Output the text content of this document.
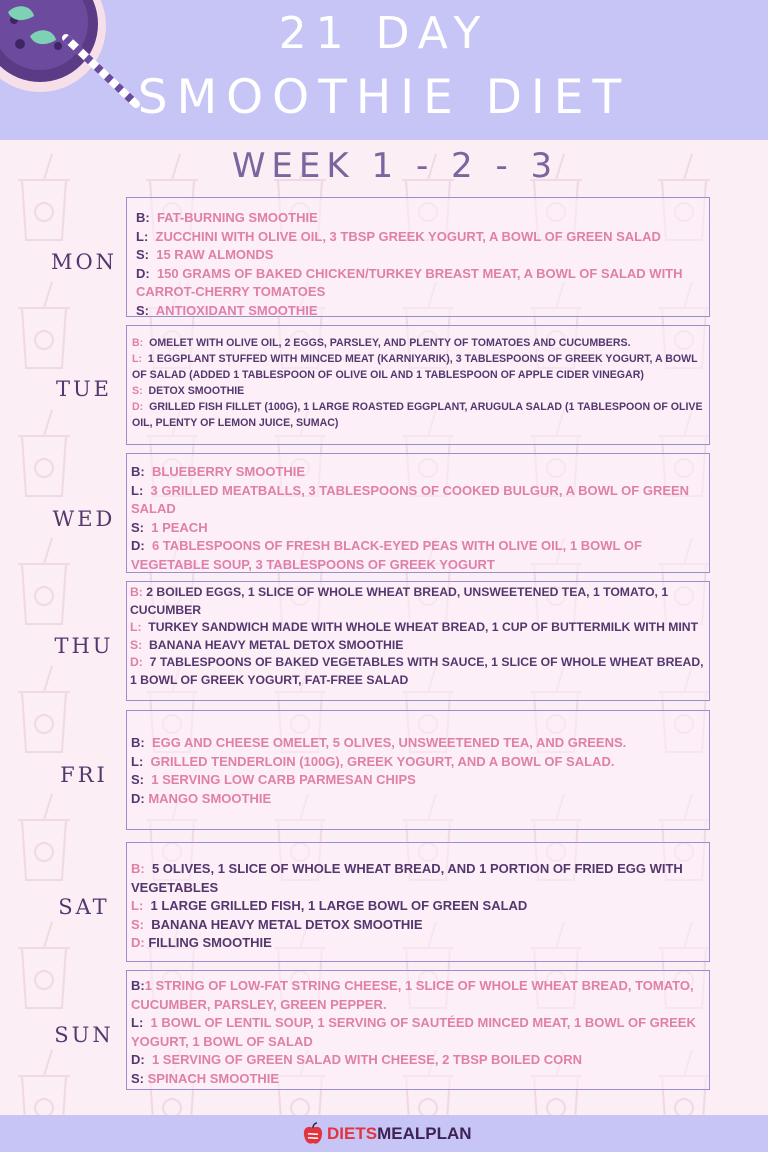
21 DAY
SMOOTHIE DIET
WEEK 1 - 2 - 3
MON
B: FAT-BURNING SMOOTHIE
L: ZUCCHINI WITH OLIVE OIL, 3 TBSP GREEK YOGURT, A BOWL OF GREEN SALAD
S: 15 RAW ALMONDS
D: 150 GRAMS OF BAKED CHICKEN/TURKEY BREAST MEAT, A BOWL OF SALAD WITH CARROT-CHERRY TOMATOES
S: ANTIOXIDANT SMOOTHIE
TUE
B: OMELET WITH OLIVE OIL, 2 EGGS, PARSLEY, AND PLENTY OF TOMATOES AND CUCUMBERS.
L: 1 EGGPLANT STUFFED WITH MINCED MEAT (KARNIYARIK), 3 TABLESPOONS OF GREEK YOGURT, A BOWL OF SALAD (ADDED 1 TABLESPOON OF OLIVE OIL AND 1 TABLESPOON OF APPLE CIDER VINEGAR)
S: DETOX SMOOTHIE
D: GRILLED FISH FILLET (100G), 1 LARGE ROASTED EGGPLANT, ARUGULA SALAD (1 TABLESPOON OF OLIVE OIL, PLENTY OF LEMON JUICE, SUMAC)
WED
B: BLUEBERRY SMOOTHIE
L: 3 GRILLED MEATBALLS, 3 TABLESPOONS OF COOKED BULGUR, A BOWL OF GREEN SALAD
S: 1 PEACH
D: 6 TABLESPOONS OF FRESH BLACK-EYED PEAS WITH OLIVE OIL, 1 BOWL OF VEGETABLE SOUP, 3 TABLESPOONS OF GREEK YOGURT
THU
B: 2 BOILED EGGS, 1 SLICE OF WHOLE WHEAT BREAD, UNSWEETENED TEA, 1 TOMATO, 1 CUCUMBER
L: TURKEY SANDWICH MADE WITH WHOLE WHEAT BREAD, 1 CUP OF BUTTERMILK WITH MINT
S: BANANA HEAVY METAL DETOX SMOOTHIE
D: 7 TABLESPOONS OF BAKED VEGETABLES WITH SAUCE, 1 SLICE OF WHOLE WHEAT BREAD, 1 BOWL OF GREEK YOGURT, FAT-FREE SALAD
FRI
B: EGG AND CHEESE OMELET, 5 OLIVES, UNSWEETENED TEA, AND GREENS.
L: GRILLED TENDERLOIN (100G), GREEK YOGURT, AND A BOWL OF SALAD.
S: 1 SERVING LOW CARB PARMESAN CHIPS
D: MANGO SMOOTHIE
SAT
B: 5 OLIVES, 1 SLICE OF WHOLE WHEAT BREAD, AND 1 PORTION OF FRIED EGG WITH VEGETABLES
L: 1 LARGE GRILLED FISH, 1 LARGE BOWL OF GREEN SALAD
S: BANANA HEAVY METAL DETOX SMOOTHIE
D: FILLING SMOOTHIE
SUN
B:1 STRING OF LOW-FAT STRING CHEESE, 1 SLICE OF WHOLE WHEAT BREAD, TOMATO, CUCUMBER, PARSLEY, GREEN PEPPER.
L: 1 BOWL OF LENTIL SOUP, 1 SERVING OF SAUTÉED MINCED MEAT, 1 BOWL OF GREEK YOGURT, 1 BOWL OF SALAD
D: 1 SERVING OF GREEN SALAD WITH CHEESE, 2 TBSP BOILED CORN
S: SPINACH SMOOTHIE
DIETSMEALPLAN
